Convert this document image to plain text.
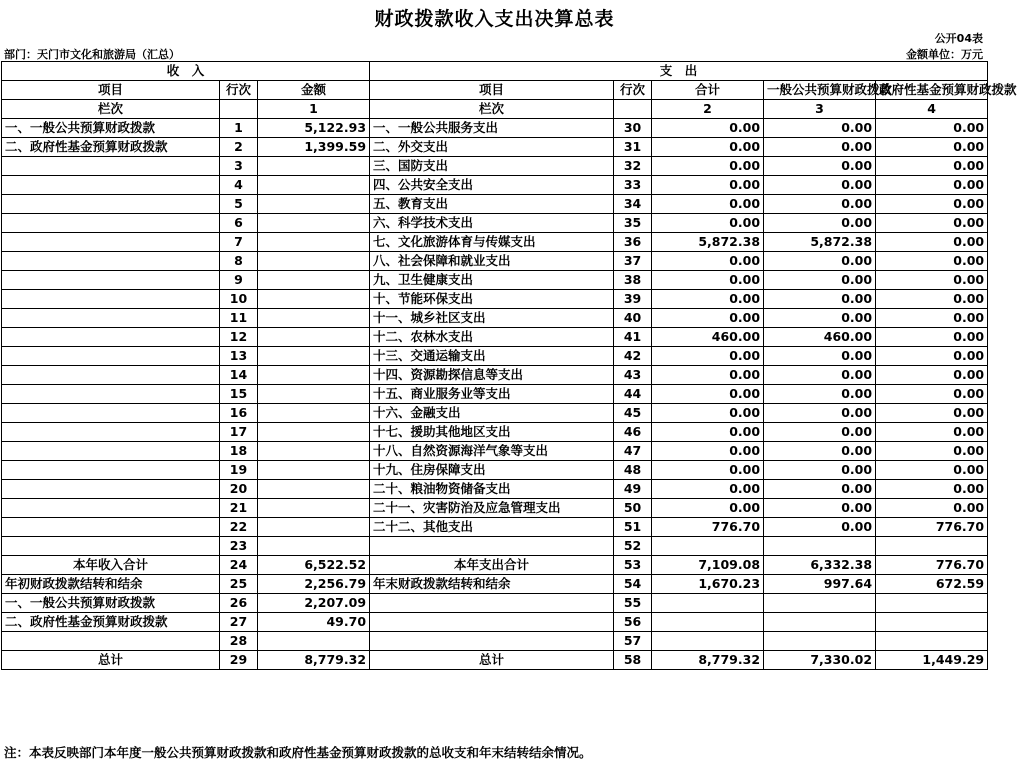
财政拨款收入支出决算总表
公开04表
部门：天门市文化和旅游局（汇总）	金额单位：万元
收　入			支　出				
项目	行次	金额	项目	行次	合计	一般公共预算财政拨款	政府性基金预算财政拨款
栏次		1	栏次		2	3	4
一、一般公共预算财政拨款	1	5,122.93	一、一般公共服务支出	30	0.00	0.00	0.00
二、政府性基金预算财政拨款	2	1,399.59	二、外交支出	31	0.00	0.00	0.00
	3		三、国防支出	32	0.00	0.00	0.00
	4		四、公共安全支出	33	0.00	0.00	0.00
	5		五、教育支出	34	0.00	0.00	0.00
	6		六、科学技术支出	35	0.00	0.00	0.00
	7		七、文化旅游体育与传媒支出	36	5,872.38	5,872.38	0.00
	8		八、社会保障和就业支出	37	0.00	0.00	0.00
	9		九、卫生健康支出	38	0.00	0.00	0.00
	10		十、节能环保支出	39	0.00	0.00	0.00
	11		十一、城乡社区支出	40	0.00	0.00	0.00
	12		十二、农林水支出	41	460.00	460.00	0.00
	13		十三、交通运输支出	42	0.00	0.00	0.00
	14		十四、资源勘探信息等支出	43	0.00	0.00	0.00
	15		十五、商业服务业等支出	44	0.00	0.00	0.00
	16		十六、金融支出	45	0.00	0.00	0.00
	17		十七、援助其他地区支出	46	0.00	0.00	0.00
	18		十八、自然资源海洋气象等支出	47	0.00	0.00	0.00
	19		十九、住房保障支出	48	0.00	0.00	0.00
	20		二十、粮油物资储备支出	49	0.00	0.00	0.00
	21		二十一、灾害防治及应急管理支出	50	0.00	0.00	0.00
	22		二十二、其他支出	51	776.70	0.00	776.70
	23			52			
本年收入合计	24	6,522.52	本年支出合计	53	7,109.08	6,332.38	776.70
年初财政拨款结转和结余	25	2,256.79	年末财政拨款结转和结余	54	1,670.23	997.64	672.59
一、一般公共预算财政拨款	26	2,207.09		55			
二、政府性基金预算财政拨款	27	49.70		56			
	28			57			
总计	29	8,779.32	总计	58	8,779.32	7,330.02	1,449.29
注：本表反映部门本年度一般公共预算财政拨款和政府性基金预算财政拨款的总收支和年末结转结余情况。
